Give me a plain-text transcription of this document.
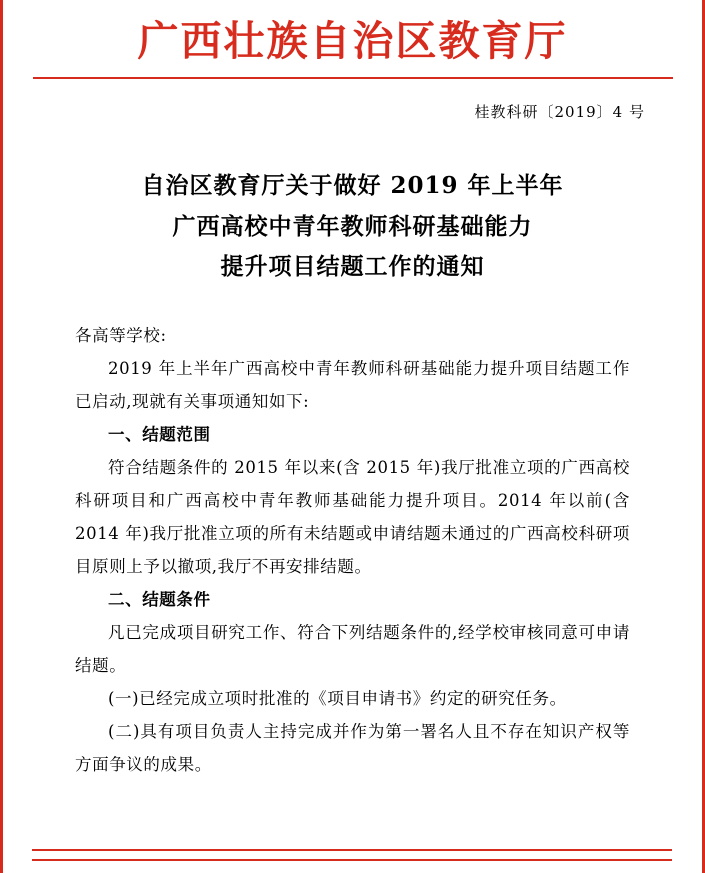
广西壮族自治区教育厅
桂教科研〔2019〕4 号
自治区教育厅关于做好 2019 年上半年
广西高校中青年教师科研基础能力
提升项目结题工作的通知

各高等学校:

2019 年上半年广西高校中青年教师科研基础能力提升项目结题工作已启动,现就有关事项通知如下:

一、结题范围

符合结题条件的 2015 年以来(含 2015 年)我厅批准立项的广西高校科研项目和广西高校中青年教师基础能力提升项目。2014 年以前(含 2014 年)我厅批准立项的所有未结题或申请结题未通过的广西高校科研项目原则上予以撤项,我厅不再安排结题。

二、结题条件

凡已完成项目研究工作、符合下列结题条件的,经学校审核同意可申请结题。

(一)已经完成立项时批准的《项目申请书》约定的研究任务。

(二)具有项目负责人主持完成并作为第一署名人且不存在知识产权等方面争议的成果。
